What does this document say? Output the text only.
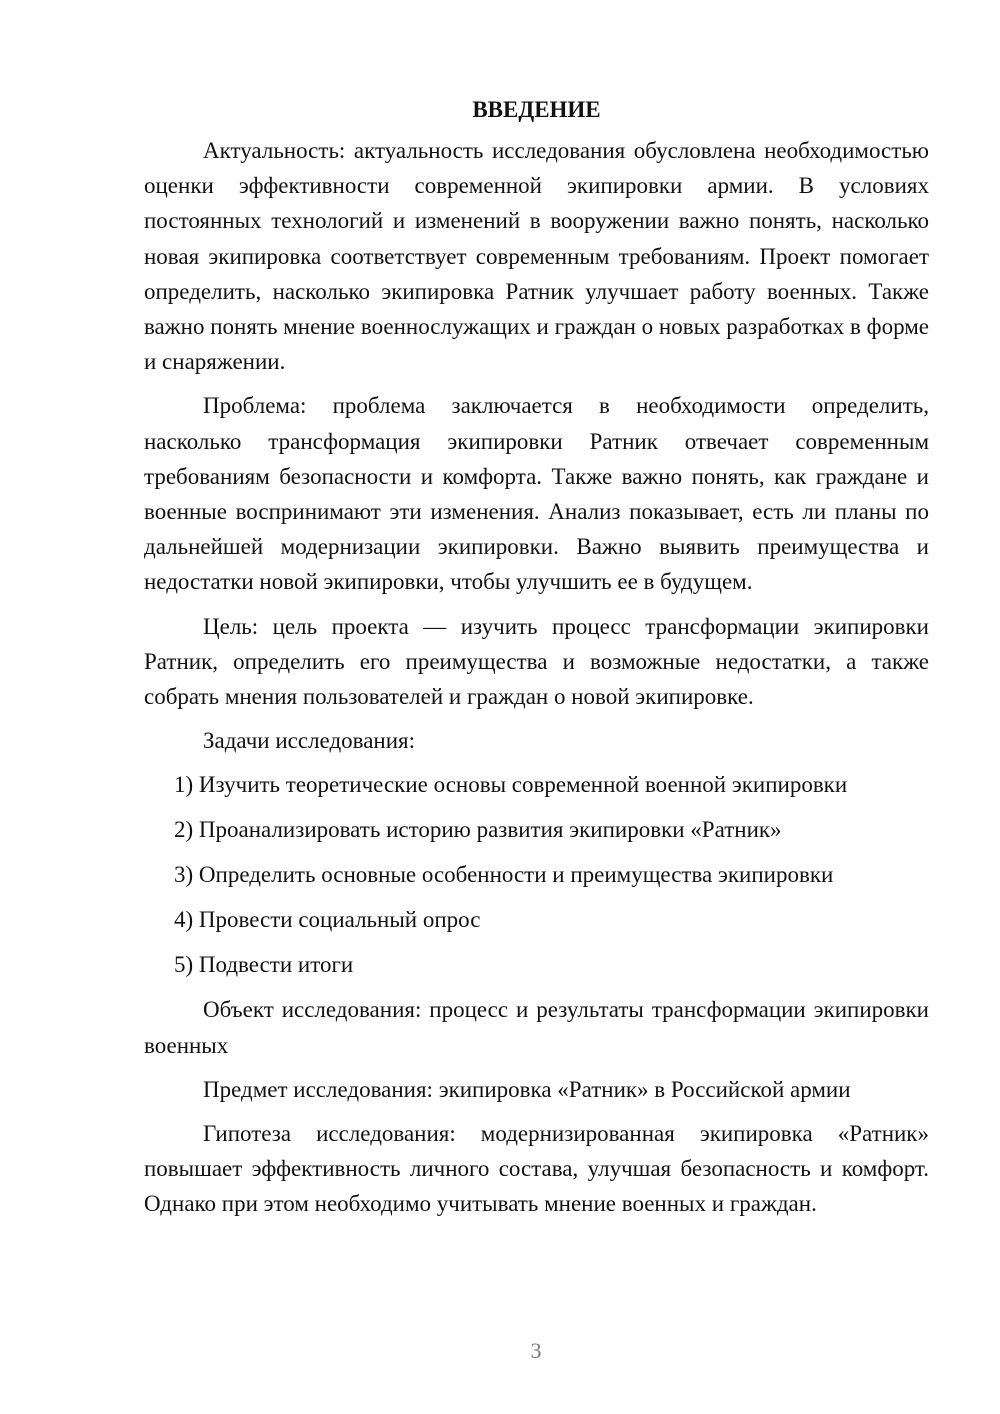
ВВЕДЕНИЕ

Актуальность: актуальность исследования обусловлена необходимостью оценки эффективности современной экипировки армии. В условиях постоянных технологий и изменений в вооружении важно понять, насколько новая экипировка соответствует современным требованиям. Проект помогает определить, насколько экипировка Ратник улучшает работу военных. Также важно понять мнение военнослужащих и граждан о новых разработках в форме и снаряжении.

Проблема: проблема заключается в необходимости определить, насколько трансформация экипировки Ратник отвечает современным требованиям безопасности и комфорта. Также важно понять, как граждане и военные воспринимают эти изменения. Анализ показывает, есть ли планы по дальнейшей модернизации экипировки. Важно выявить преимущества и недостатки новой экипировки, чтобы улучшить ее в будущем.

Цель: цель проекта — изучить процесс трансформации экипировки Ратник, определить его преимущества и возможные недостатки, а также собрать мнения пользователей и граждан о новой экипировке.

Задачи исследования:

1) Изучить теоретические основы современной военной экипировки
2) Проанализировать историю развития экипировки «Ратник»
3) Определить основные особенности и преимущества экипировки
4) Провести социальный опрос
5) Подвести итоги

Объект исследования: процесс и результаты трансформации экипировки военных

Предмет исследования: экипировка «Ратник» в Российской армии

Гипотеза исследования: модернизированная экипировка «Ратник» повышает эффективность личного состава, улучшая безопасность и комфорт. Однако при этом необходимо учитывать мнение военных и граждан.

3
